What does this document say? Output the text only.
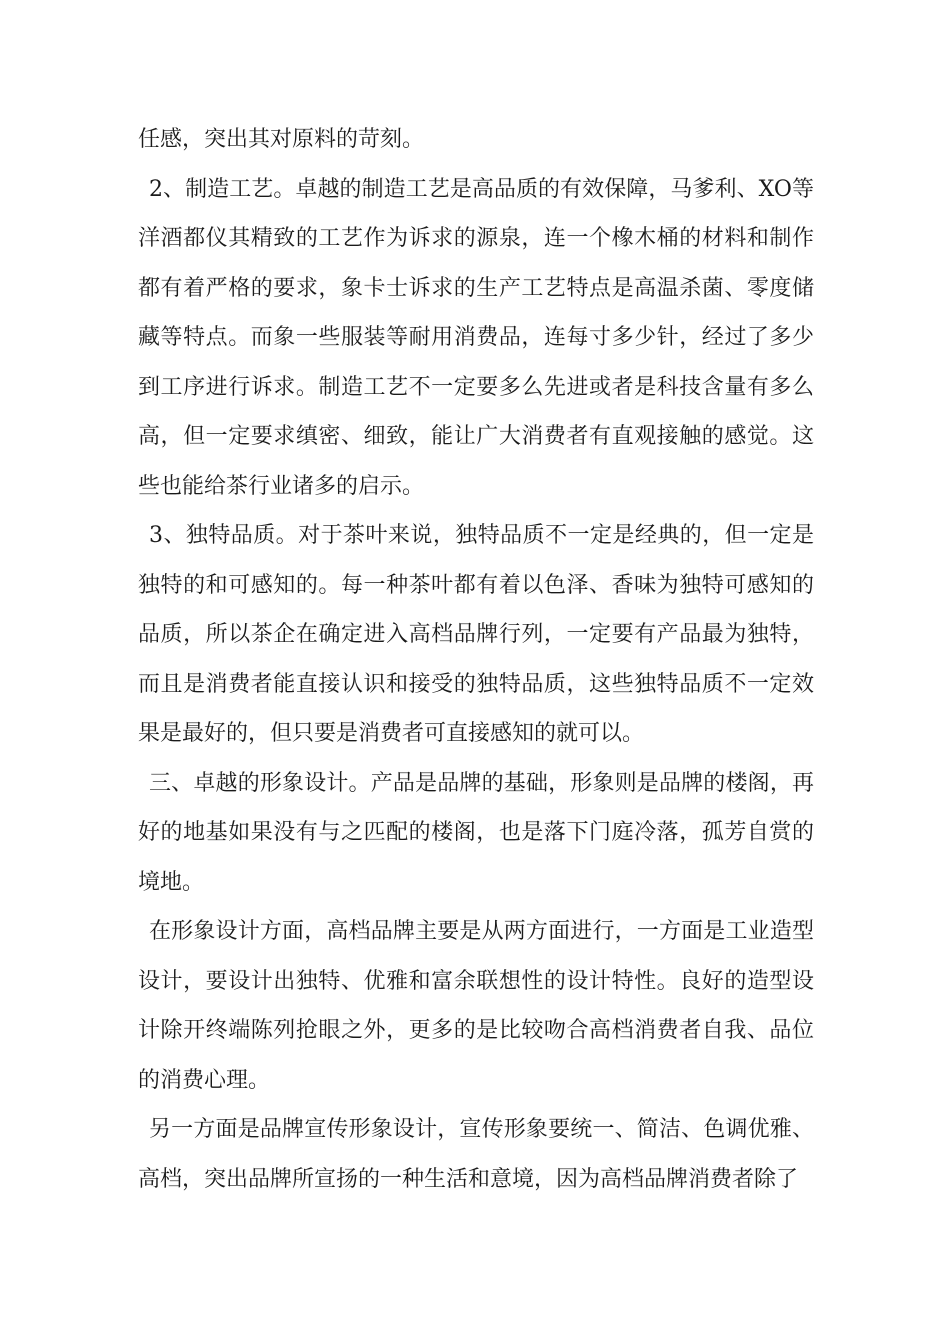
任感，突出其对原料的苛刻。

2、制造工艺。卓越的制造工艺是高品质的有效保障，马爹利、XO等洋酒都仪其精致的工艺作为诉求的源泉，连一个橡木桶的材料和制作都有着严格的要求，象卡士诉求的生产工艺特点是高温杀菌、零度储藏等特点。而象一些服装等耐用消费品，连每寸多少针，经过了多少到工序进行诉求。制造工艺不一定要多么先进或者是科技含量有多么高，但一定要求缜密、细致，能让广大消费者有直观接触的感觉。这些也能给茶行业诸多的启示。

3、独特品质。对于茶叶来说，独特品质不一定是经典的，但一定是独特的和可感知的。每一种茶叶都有着以色泽、香味为独特可感知的品质，所以茶企在确定进入高档品牌行列，一定要有产品最为独特，而且是消费者能直接认识和接受的独特品质，这些独特品质不一定效果是最好的，但只要是消费者可直接感知的就可以。

三、卓越的形象设计。产品是品牌的基础，形象则是品牌的楼阁，再好的地基如果没有与之匹配的楼阁，也是落下门庭冷落，孤芳自赏的境地。

在形象设计方面，高档品牌主要是从两方面进行，一方面是工业造型设计，要设计出独特、优雅和富余联想性的设计特性。良好的造型设计除开终端陈列抢眼之外，更多的是比较吻合高档消费者自我、品位的消费心理。

另一方面是品牌宣传形象设计，宣传形象要统一、简洁、色调优雅、高档，突出品牌所宣扬的一种生活和意境，因为高档品牌消费者除了
